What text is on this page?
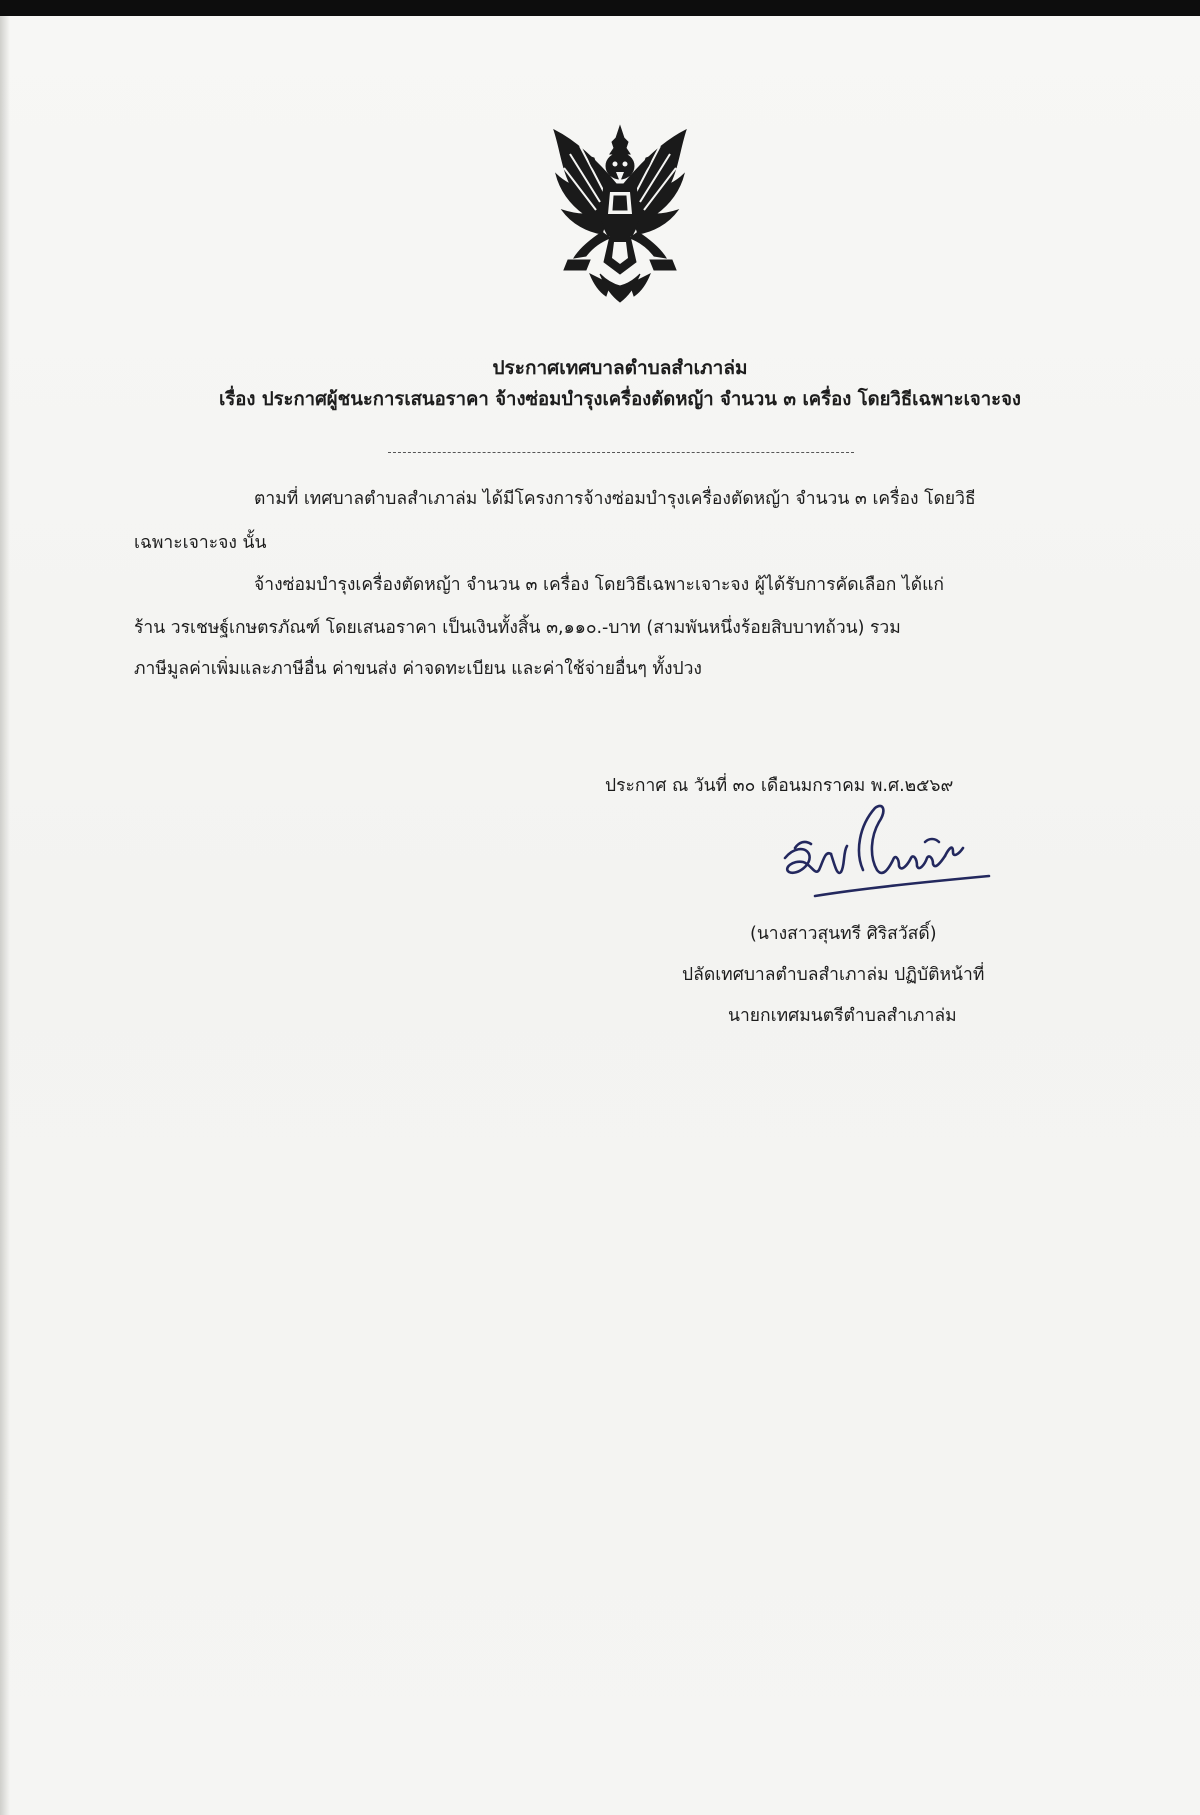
ประกาศเทศบาลตำบลสำเภาล่ม
เรื่อง ประกาศผู้ชนะการเสนอราคา จ้างซ่อมบำรุงเครื่องตัดหญ้า จำนวน ๓ เครื่อง โดยวิธีเฉพาะเจาะจง
ตามที่ เทศบาลตำบลสำเภาล่ม ได้มีโครงการจ้างซ่อมบำรุงเครื่องตัดหญ้า จำนวน ๓ เครื่อง โดยวิธี
เฉพาะเจาะจง นั้น
จ้างซ่อมบำรุงเครื่องตัดหญ้า จำนวน ๓ เครื่อง โดยวิธีเฉพาะเจาะจง ผู้ได้รับการคัดเลือก ได้แก่
ร้าน วรเชษฐ์เกษตรภัณฑ์ โดยเสนอราคา เป็นเงินทั้งสิ้น ๓,๑๑๐.-บาท (สามพันหนึ่งร้อยสิบบาทถ้วน) รวม
ภาษีมูลค่าเพิ่มและภาษีอื่น ค่าขนส่ง ค่าจดทะเบียน และค่าใช้จ่ายอื่นๆ ทั้งปวง
ประกาศ ณ วันที่ ๓๐ เดือนมกราคม พ.ศ.๒๕๖๙
(นางสาวสุนทรี ศิริสวัสดิ์)
ปลัดเทศบาลตำบลสำเภาล่ม ปฏิบัติหน้าที่
นายกเทศมนตรีตำบลสำเภาล่ม
